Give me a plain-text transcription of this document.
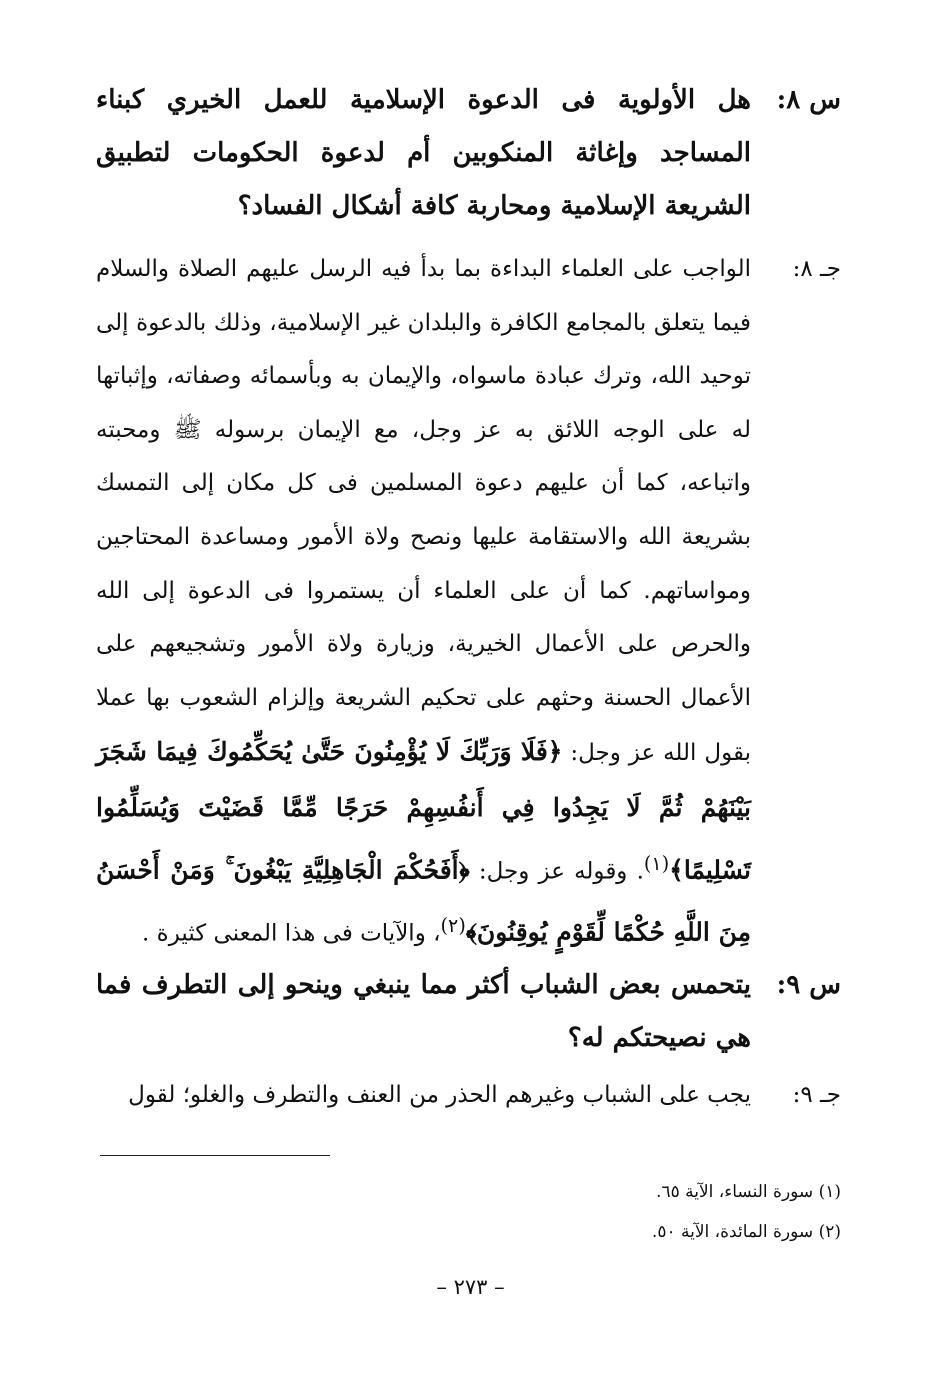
س ٨:
هل الأولوية فى الدعوة الإسلامية للعمل الخيري كبناء المساجد وإغاثة المنكوبين أم لدعوة الحكومات لتطبيق الشريعة الإسلامية ومحاربة كافة أشكال الفساد؟
جـ ٨:
الواجب على العلماء البداءة بما بدأ فيه الرسل عليهم الصلاة والسلام فيما يتعلق بالمجامع الكافرة والبلدان غير الإسلامية، وذلك بالدعوة إلى توحيد الله، وترك عبادة ماسواه، والإيمان به وبأسمائه وصفاته، وإثباتها له على الوجه اللائق به عز وجل، مع الإيمان برسوله ﷺ ومحبته واتباعه، كما أن عليهم دعوة المسلمين فى كل مكان إلى التمسك بشريعة الله والاستقامة عليها ونصح ولاة الأمور ومساعدة المحتاجين ومواساتهم. كما أن على العلماء أن يستمروا فى الدعوة إلى الله والحرص على الأعمال الخيرية، وزيارة ولاة الأمور وتشجيعهم على الأعمال الحسنة وحثهم على تحكيم الشريعة وإلزام الشعوب بها عملا بقول الله عز وجل: ﴿فَلَا وَرَبِّكَ لَا يُؤْمِنُونَ حَتَّىٰ يُحَكِّمُوكَ فِيمَا شَجَرَ بَيْنَهُمْ ثُمَّ لَا يَجِدُوا فِي أَنفُسِهِمْ حَرَجًا مِّمَّا قَضَيْتَ وَيُسَلِّمُوا تَسْلِيمًا﴾$^{(١)}$. وقوله عز وجل: ﴿أَفَحُكْمَ الْجَاهِلِيَّةِ يَبْغُونَ ۚ وَمَنْ أَحْسَنُ مِنَ اللَّهِ حُكْمًا لِّقَوْمٍ يُوقِنُونَ﴾$^{(٢)}$، والآيات فى هذا المعنى كثيرة .
س ٩:
يتحمس بعض الشباب أكثر مما ينبغي وينحو إلى التطرف فما هي نصيحتكم له؟
جـ ٩:
يجب على الشباب وغيرهم الحذر من العنف والتطرف والغلو؛ لقول
(١) سورة النساء، الآية ٦٥.
(٢) سورة المائدة، الآية ٥٠.
– ٢٧٣ –
